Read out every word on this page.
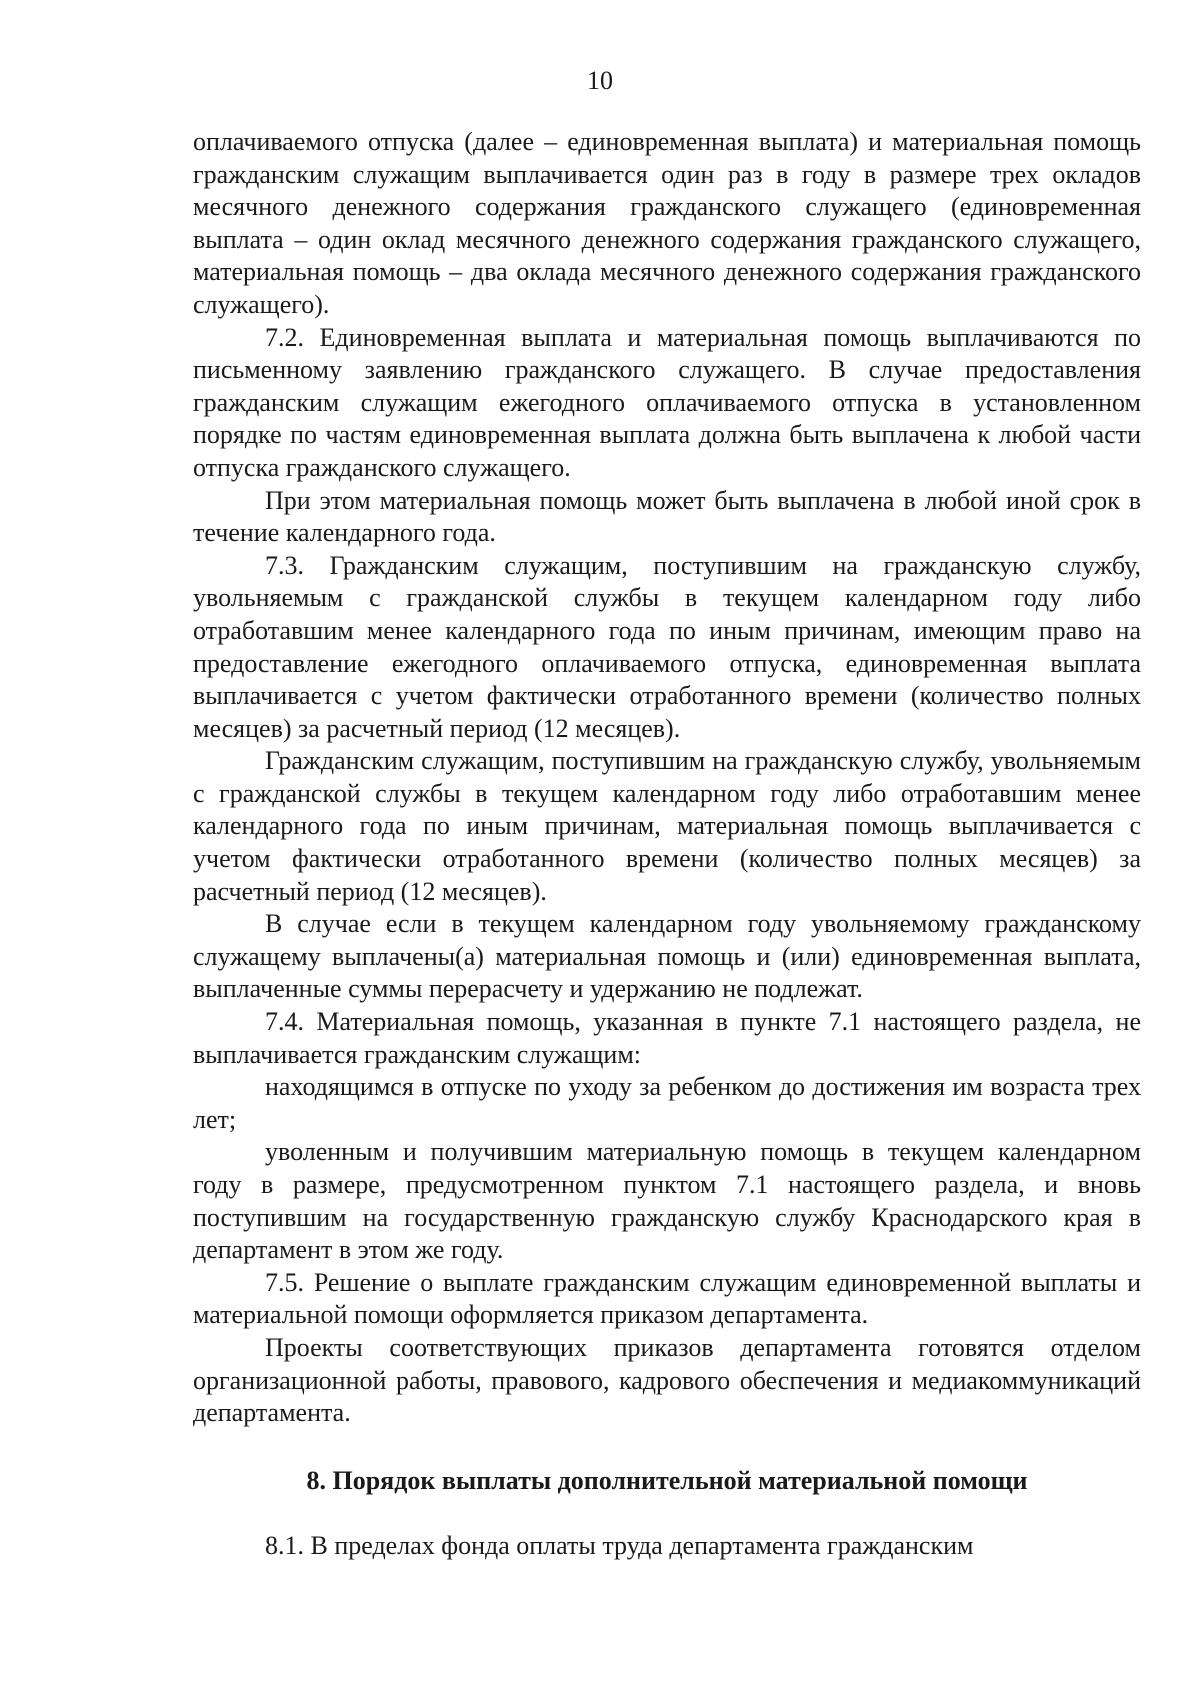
10

оплачиваемого отпуска (далее – единовременная выплата) и материальная помощь гражданским служащим выплачивается один раз в году в размере трех окладов месячного денежного содержания гражданского служащего (единовременная выплата – один оклад месячного денежного содержания гражданского служащего, материальная помощь – два оклада месячного денежного содержания гражданского служащего).

7.2. Единовременная выплата и материальная помощь выплачиваются по письменному заявлению гражданского служащего. В случае предоставления гражданским служащим ежегодного оплачиваемого отпуска в установленном порядке по частям единовременная выплата должна быть выплачена к любой части отпуска гражданского служащего.

При этом материальная помощь может быть выплачена в любой иной срок в течение календарного года.

7.3. Гражданским служащим, поступившим на гражданскую службу, увольняемым с гражданской службы в текущем календарном году либо отработавшим менее календарного года по иным причинам, имеющим право на предоставление ежегодного оплачиваемого отпуска, единовременная выплата выплачивается с учетом фактически отработанного времени (количество полных месяцев) за расчетный период (12 месяцев).

Гражданским служащим, поступившим на гражданскую службу, увольняемым с гражданской службы в текущем календарном году либо отработавшим менее календарного года по иным причинам, материальная помощь выплачивается с учетом фактически отработанного времени (количество полных месяцев) за расчетный период (12 месяцев).

В случае если в текущем календарном году увольняемому гражданскому служащему выплачены(а) материальная помощь и (или) единовременная выплата, выплаченные суммы перерасчету и удержанию не подлежат.

7.4. Материальная помощь, указанная в пункте 7.1 настоящего раздела, не выплачивается гражданским служащим:

находящимся в отпуске по уходу за ребенком до достижения им возраста трех лет;

уволенным и получившим материальную помощь в текущем календарном году в размере, предусмотренном пунктом 7.1 настоящего раздела, и вновь поступившим на государственную гражданскую службу Краснодарского края в департамент в этом же году.

7.5. Решение о выплате гражданским служащим единовременной выплаты и материальной помощи оформляется приказом департамента.

Проекты соответствующих приказов департамента готовятся отделом организационной работы, правового, кадрового обеспечения и медиакоммуникаций департамента.

8. Порядок выплаты дополнительной материальной помощи

8.1. В пределах фонда оплаты труда департамента гражданским
